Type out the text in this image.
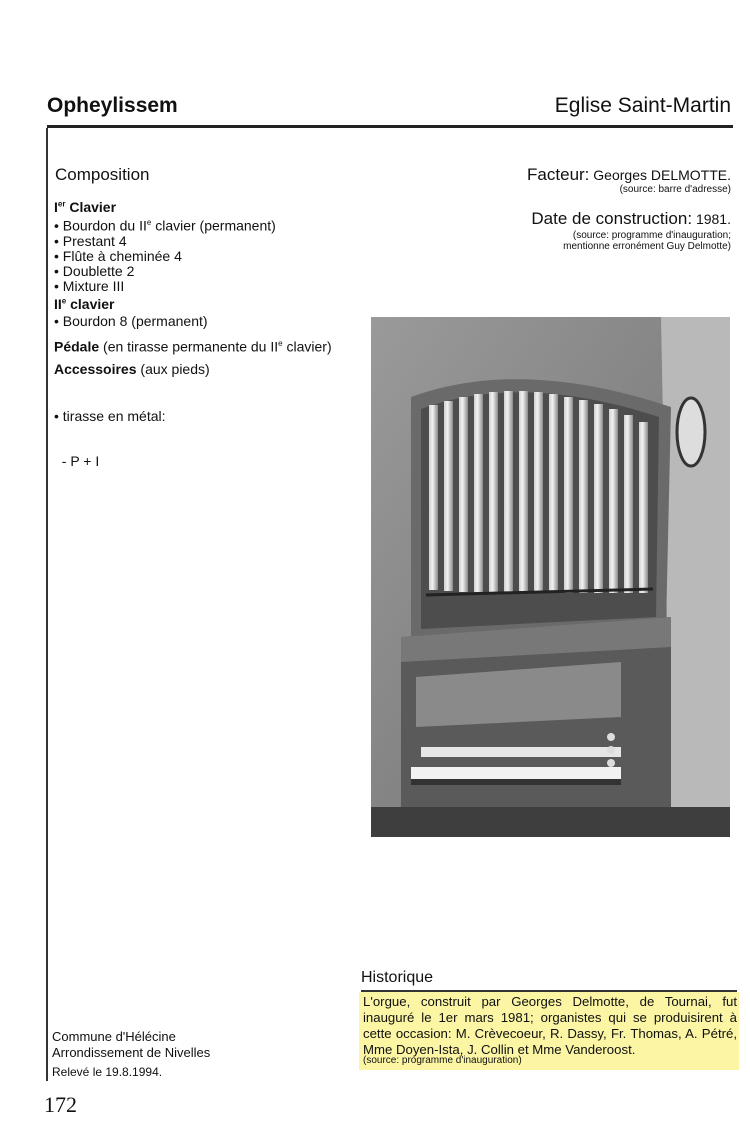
Opheylissem	Eglise Saint-Martin
Composition
Ier Clavier
• Bourdon du IIe clavier (permanent)
• Prestant 4
• Flûte à cheminée 4
• Doublette 2
• Mixture III
IIe clavier
• Bourdon 8 (permanent)
Pédale (en tirasse permanente du IIe clavier)
Accessoires (aux pieds)

• tirasse en métal:

- P + I

Facteur: Georges DELMOTTE.
(source: barre d'adresse)
Date de construction: 1981.
(source: programme d'inauguration;
mentionne erronément Guy Delmotte)
Historique
L'orgue, construit par Georges Delmotte, de Tournai, fut inauguré le 1er mars 1981; organistes qui se produisirent à cette occasion: M. Crèvecoeur, R. Dassy, Fr. Thomas, A. Pétré, Mme Doyen-Ista, J. Collin et Mme Vanderoost.
(source: programme d'inauguration)
Commune d'Hélécine
Arrondissement de Nivelles
Relevé le 19.8.1994.
172
